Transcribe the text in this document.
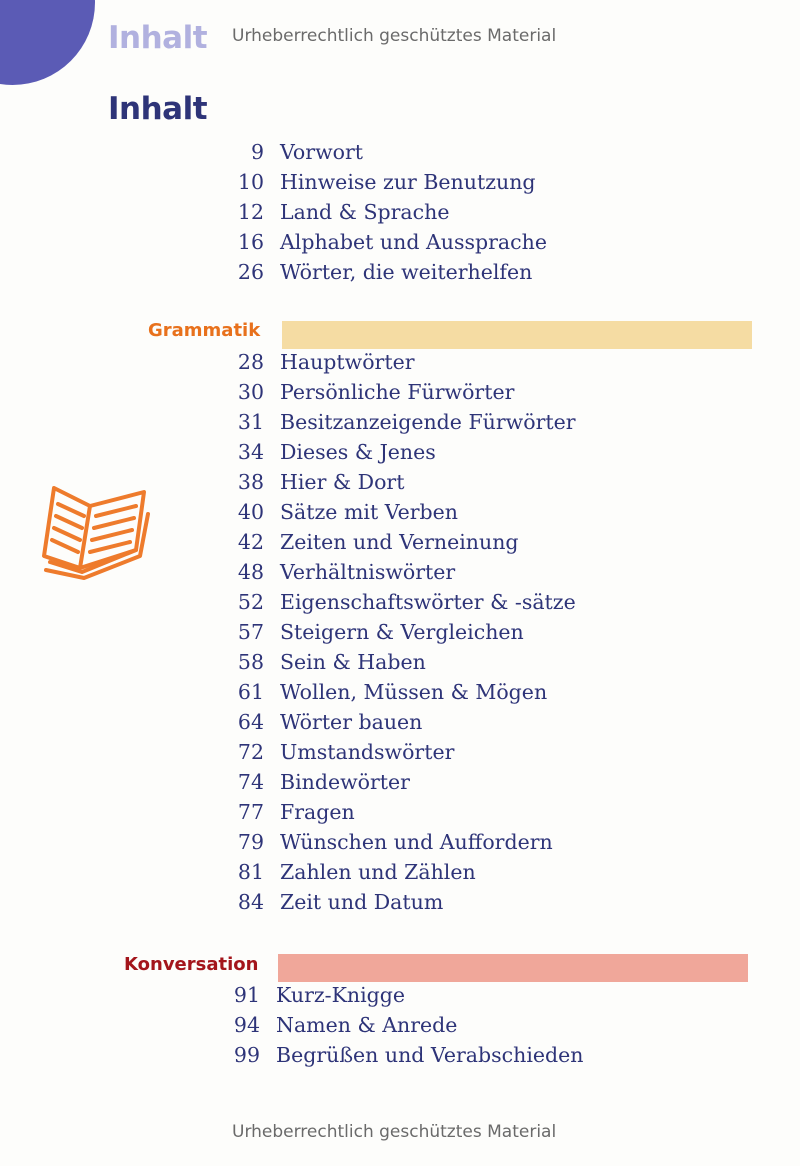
Inhalt Urheberrechtlich geschütztes Material
Inhalt
9 Vorwort
10 Hinweise zur Benutzung
12 Land & Sprache
16 Alphabet und Aussprache
26 Wörter, die weiterhelfen
Grammatik
28 Hauptwörter
30 Persönliche Fürwörter
31 Besitzanzeigende Fürwörter
34 Dieses & Jenes
38 Hier & Dort
40 Sätze mit Verben
42 Zeiten und Verneinung
48 Verhältniswörter
52 Eigenschaftswörter & -sätze
57 Steigern & Vergleichen
58 Sein & Haben
61 Wollen, Müssen & Mögen
64 Wörter bauen
72 Umstandswörter
74 Bindewörter
77 Fragen
79 Wünschen und Auffordern
81 Zahlen und Zählen
84 Zeit und Datum
Konversation
91 Kurz-Knigge
94 Namen & Anrede
99 Begrüßen und Verabschieden
Urheberrechtlich geschütztes Material
